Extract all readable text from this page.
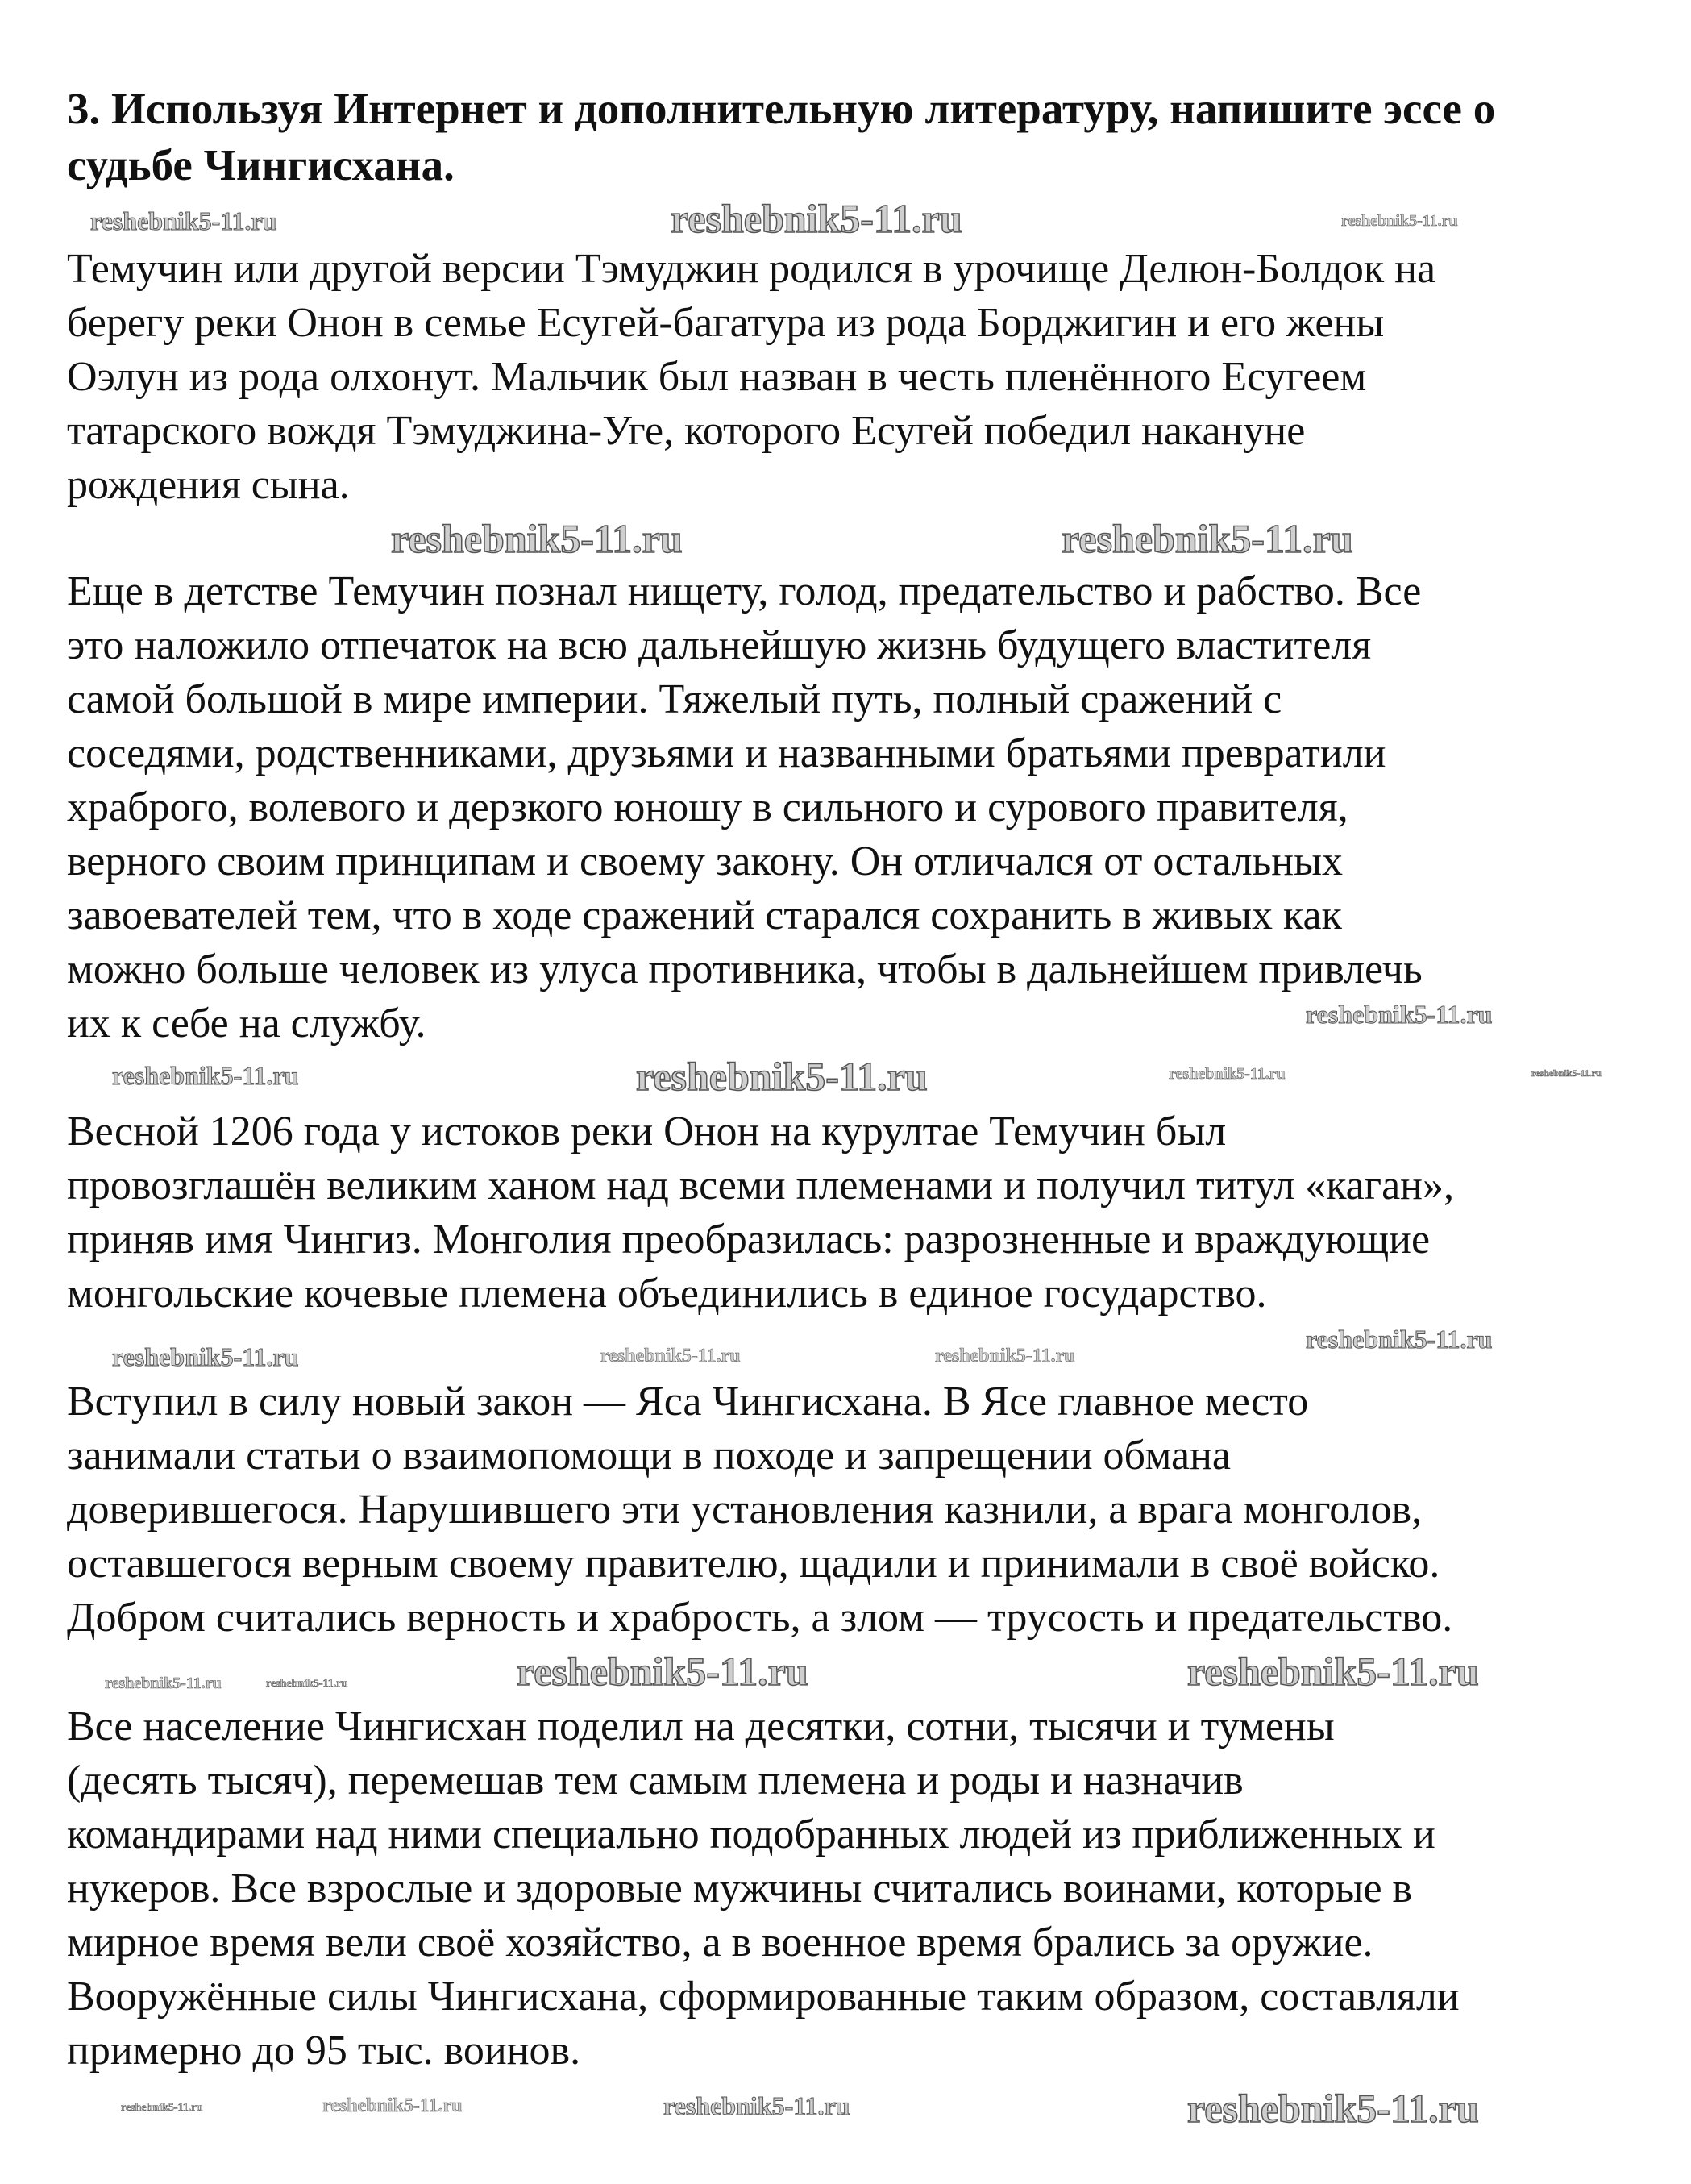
3. Используя Интернет и дополнительную литературу, напишите эссе о
судьбе Чингисхана.
Темучин или другой версии Тэмуджин родился в урочище Делюн-Болдок на
берегу реки Онон в семье Есугей-багатура из рода Борджигин и его жены
Оэлун из рода олхонут. Мальчик был назван в честь пленённого Есугеем
татарского вождя Тэмуджина-Уге, которого Есугей победил накануне
рождения сына.
Еще в детстве Темучин познал нищету, голод, предательство и рабство. Все
это наложило отпечаток на всю дальнейшую жизнь будущего властителя
самой большой в мире империи. Тяжелый путь, полный сражений с
соседями, родственниками, друзьями и названными братьями превратили
храброго, волевого и дерзкого юношу в сильного и сурового правителя,
верного своим принципам и своему закону. Он отличался от остальных
завоевателей тем, что в ходе сражений старался сохранить в живых как
можно больше человек из улуса противника, чтобы в дальнейшем привлечь
их к себе на службу.
Весной 1206 года у истоков реки Онон на курултае Темучин был
провозглашён великим ханом над всеми племенами и получил титул «каган»,
приняв имя Чингиз. Монголия преобразилась: разрозненные и враждующие
монгольские кочевые племена объединились в единое государство.
Вступил в силу новый закон — Яса Чингисхана. В Ясе главное место
занимали статьи о взаимопомощи в походе и запрещении обмана
доверившегося. Нарушившего эти установления казнили, а врага монголов,
оставшегося верным своему правителю, щадили и принимали в своё войско.
Добром считались верность и храбрость, а злом — трусость и предательство.
Все население Чингисхан поделил на десятки, сотни, тысячи и тумены
(десять тысяч), перемешав тем самым племена и роды и назначив
командирами над ними специально подобранных людей из приближенных и
нукеров. Все взрослые и здоровые мужчины считались воинами, которые в
мирное время вели своё хозяйство, а в военное время брались за оружие.
Вооружённые силы Чингисхана, сформированные таким образом, составляли
примерно до 95 тыс. воинов.
reshebnik5-11.ru	reshebnik5-11.ru	reshebnik5-11.ru
reshebnik5-11.ru	reshebnik5-11.ru
reshebnik5-11.ru
reshebnik5-11.ru
reshebnik5-11.ru
reshebnik5-11.ru	reshebnik5-11.ru
reshebnik5-11.ru
reshebnik5-11.ru	reshebnik5-11.ru	reshebnik5-11.ru
reshebnik5-11.ru	reshebnik5-11.ru	reshebnik5-11.ru
reshebnik5-11.ru
reshebnik5-11.ru	reshebnik5-11.ru	reshebnik5-11.ru	reshebnik5-11.ru
